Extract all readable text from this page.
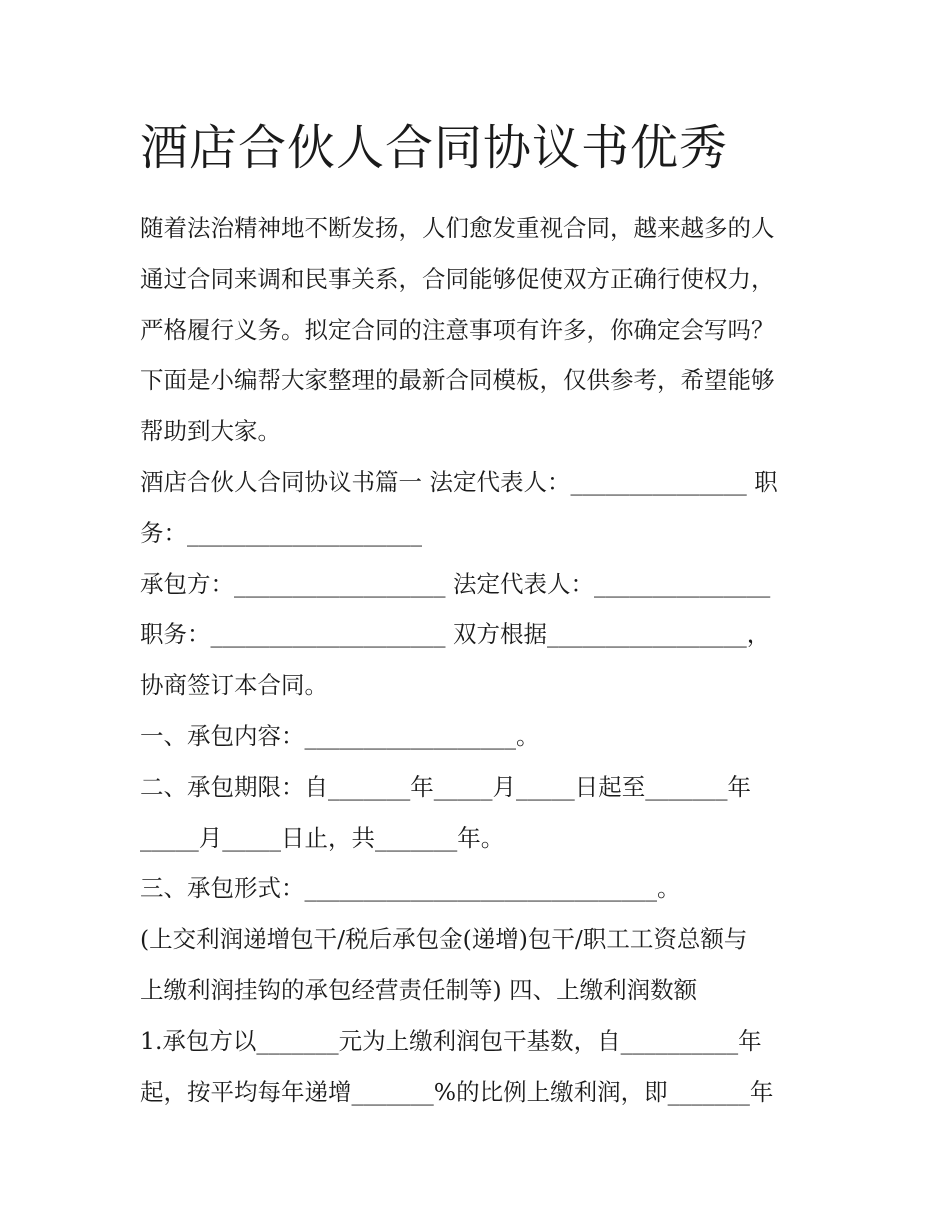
酒店合伙人合同协议书优秀
随着法治精神地不断发扬，人们愈发重视合同，越来越多的人
通过合同来调和民事关系，合同能够促使双方正确行使权力，
严格履行义务。拟定合同的注意事项有许多，你确定会写吗？
下面是小编帮大家整理的最新合同模板，仅供参考，希望能够
帮助到大家。
酒店合伙人合同协议书篇一 法定代表人：_______________ 职
务：____________________
承包方：__________________ 法定代表人：_______________
职务：____________________ 双方根据_________________，
协商签订本合同。
一、承包内容：__________________。
二、承包期限：自_______年_____月_____日起至_______年
_____月_____日止，共_______年。
三、承包形式：______________________________。
(上交利润递增包干/税后承包金(递增)包干/职工工资总额与
上缴利润挂钩的承包经营责任制等) 四、上缴利润数额
1.承包方以_______元为上缴利润包干基数，自__________年
起，按平均每年递增_______%的比例上缴利润，即_______年
